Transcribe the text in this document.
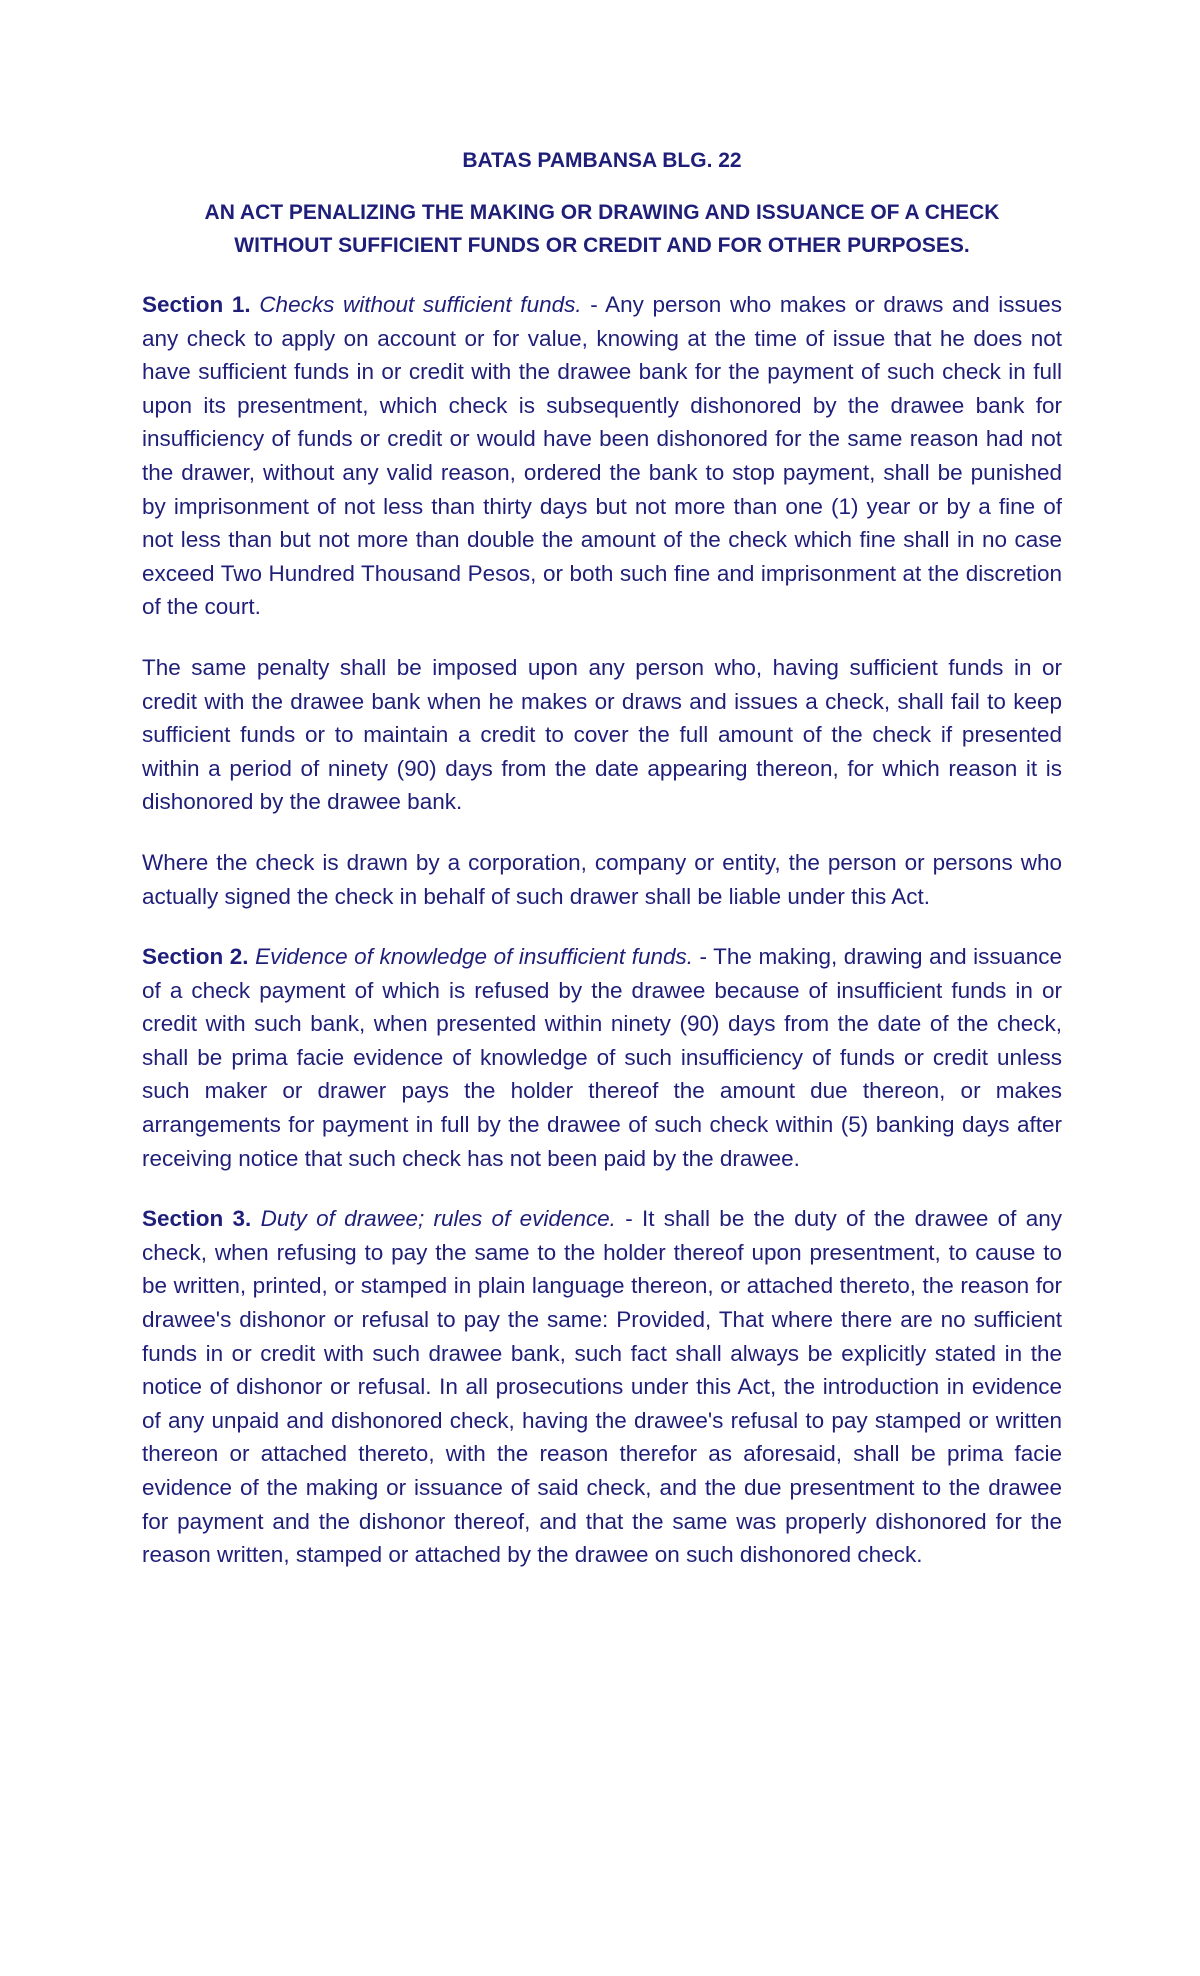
BATAS PAMBANSA BLG. 22
AN ACT PENALIZING THE MAKING OR DRAWING AND ISSUANCE OF A CHECK
WITHOUT SUFFICIENT FUNDS OR CREDIT AND FOR OTHER PURPOSES.

Section 1. Checks without sufficient funds. - Any person who makes or draws and issues any check to apply on account or for value, knowing at the time of issue that he does not have sufficient funds in or credit with the drawee bank for the payment of such check in full upon its presentment, which check is subsequently dishonored by the drawee bank for insufficiency of funds or credit or would have been dishonored for the same reason had not the drawer, without any valid reason, ordered the bank to stop payment, shall be punished by imprisonment of not less than thirty days but not more than one (1) year or by a fine of not less than but not more than double the amount of the check which fine shall in no case exceed Two Hundred Thousand Pesos, or both such fine and imprisonment at the discretion of the court.

The same penalty shall be imposed upon any person who, having sufficient funds in or credit with the drawee bank when he makes or draws and issues a check, shall fail to keep sufficient funds or to maintain a credit to cover the full amount of the check if presented within a period of ninety (90) days from the date appearing thereon, for which reason it is dishonored by the drawee bank.

Where the check is drawn by a corporation, company or entity, the person or persons who actually signed the check in behalf of such drawer shall be liable under this Act.

Section 2. Evidence of knowledge of insufficient funds. - The making, drawing and issuance of a check payment of which is refused by the drawee because of insufficient funds in or credit with such bank, when presented within ninety (90) days from the date of the check, shall be prima facie evidence of knowledge of such insufficiency of funds or credit unless such maker or drawer pays the holder thereof the amount due thereon, or makes arrangements for payment in full by the drawee of such check within (5) banking days after receiving notice that such check has not been paid by the drawee.

Section 3. Duty of drawee; rules of evidence. - It shall be the duty of the drawee of any check, when refusing to pay the same to the holder thereof upon presentment, to cause to be written, printed, or stamped in plain language thereon, or attached thereto, the reason for drawee's dishonor or refusal to pay the same: Provided, That where there are no sufficient funds in or credit with such drawee bank, such fact shall always be explicitly stated in the notice of dishonor or refusal. In all prosecutions under this Act, the introduction in evidence of any unpaid and dishonored check, having the drawee's refusal to pay stamped or written thereon or attached thereto, with the reason therefor as aforesaid, shall be prima facie evidence of the making or issuance of said check, and the due presentment to the drawee for payment and the dishonor thereof, and that the same was properly dishonored for the reason written, stamped or attached by the drawee on such dishonored check.
